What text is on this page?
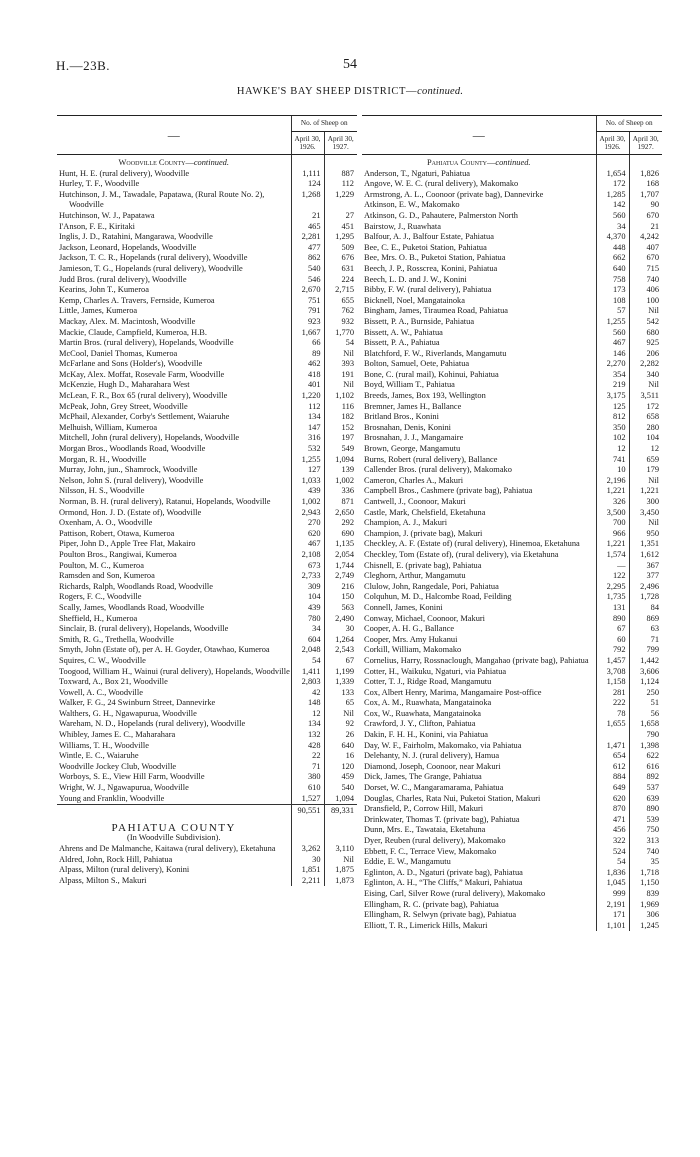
H.—23B.	54
HAWKE'S BAY SHEEP DISTRICT—continued.
—	No. of Sheep on	
	April 30, 1926.	April 30, 1927.
Woodville County—continued.		

Hunt, H. E. (rural delivery), Woodville	1,111	887

Hurley, T. F., Woodville	124	112

Hutchinson, J. M., Tawadale, Papatawa, (Rural Route No. 2), Woodville	1,268	1,229

Hutchinson, W. J., Papatawa	21	27

I'Anson, F. E., Kiritaki	465	451

Inglis, J. D., Ratahini, Mangarawa, Woodville	2,281	1,295

Jackson, Leonard, Hopelands, Woodville	477	509

Jackson, T. C. R., Hopelands (rural delivery), Woodville	862	676

Jamieson, T. G., Hopelands (rural delivery), Woodville	540	631

Judd Bros. (rural delivery), Woodville	546	224

Kearins, John T., Kumeroa	2,670	2,715

Kemp, Charles A. Travers, Fernside, Kumeroa	751	655

Little, James, Kumeroa	791	762

Mackay, Alex. M. Macintosh, Woodville	923	932

Mackie, Claude, Campfield, Kumeroa, H.B.	1,667	1,770

Martin Bros. (rural delivery), Hopelands, Woodville	66	54

McCool, Daniel Thomas, Kumeroa	89	Nil

McFarlane and Sons (Holder's), Woodville	462	393

McKay, Alex. Moffat, Rosevale Farm, Woodville	418	191

McKenzie, Hugh D., Maharahara West	401	Nil

McLean, F. R., Box 65 (rural delivery), Woodville	1,220	1,102

McPeak, John, Grey Street, Woodville	112	116

McPhail, Alexander, Corby's Settlement, Waiaruhe	134	182

Melhuish, William, Kumeroa	147	152

Mitchell, John (rural delivery), Hopelands, Woodville	316	197

Morgan Bros., Woodlands Road, Woodville	532	549

Morgan, R. H., Woodville	1,255	1,094

Murray, John, jun., Shamrock, Woodville	127	139

Nelson, John S. (rural delivery), Woodville	1,033	1,002

Nilsson, H. S., Woodville	439	336

Norman, B. H. (rural delivery), Ratanui, Hopelands, Woodville	1,002	871

Ormond, Hon. J. D. (Estate of), Woodville	2,943	2,650

Oxenham, A. O., Woodville	270	292

Pattison, Robert, Otawa, Kumeroa	620	690

Piper, John D., Apple Tree Flat, Makairo	467	1,135

Poulton Bros., Rangiwai, Kumeroa	2,108	2,054

Poulton, M. C., Kumeroa	673	1,744

Ramsden and Son, Kumeroa	2,733	2,749

Richards, Ralph, Woodlands Road, Woodville	309	216

Rogers, F. C., Woodville	104	150

Scally, James, Woodlands Road, Woodville	439	563

Sheffield, H., Kumeroa	780	2,490

Sinclair, B. (rural delivery), Hopelands, Woodville	34	30

Smith, R. G., Trethella, Woodville	604	1,264

Smyth, John (Estate of), per A. H. Goyder, Otawhao, Kumeroa	2,048	2,543

Squires, C. W., Woodville	54	67

Toogood, William H., Wainui (rural delivery), Hopelands, Woodville	1,411	1,199

Toxward, A., Box 21, Woodville	2,803	1,339

Vowell, A. C., Woodville	42	133

Walker, F. G., 24 Swinburn Street, Dannevirke	148	65

Walthers, G. H., Ngawapurua, Woodville	12	Nil

Wareham, N. D., Hopelands (rural delivery), Woodville	134	92

Whibley, James E. C., Maharahara	132	26

Williams, T. H., Woodville	428	640

Wintle, E. C., Waiaruhe	22	16

Woodville Jockey Club, Woodville	71	120

Worboys, S. E., View Hill Farm, Woodville	380	459

Wright, W. J., Ngawapurua, Woodville	610	540

Young and Franklin, Woodville	1,527	1,094
	90,551	89,331
PAHIATUA COUNTY		
(In Woodville Subdivision).		

Ahrens and De Malmanche, Kaitawa (rural delivery), Eketahuna	3,262	3,110

Aldred, John, Rock Hill, Pahiatua	30	Nil

Alpass, Milton (rural delivery), Konini	1,851	1,875

Alpass, Milton S., Makuri	2,211	1,873
—	No. of Sheep on	
	April 30, 1926.	April 30, 1927.
Pahiatua County—continued.		

Anderson, T., Ngaturi, Pahiatua	1,654	1,826

Angove, W. E. C. (rural delivery), Makomako	172	168

Armstrong, A. L., Coonoor (private bag), Dannevirke	1,285	1,707

Atkinson, E. W., Makomako	142	90

Atkinson, G. D., Pahautere, Palmerston North	560	670

Bairstow, J., Ruawhata	34	21

Balfour, A. J., Balfour Estate, Pahiatua	4,370	4,242

Bee, C. E., Puketoi Station, Pahiatua	448	407

Bee, Mrs. O. B., Puketoi Station, Pahiatua	662	670

Beech, J. P., Rosscrea, Konini, Pahiatua	640	715

Beech, L. D. and J. W., Konini	758	740

Bibby, F. W. (rural delivery), Pahiatua	173	406

Bicknell, Noel, Mangatainoka	108	100

Bingham, James, Tiraumea Road, Pahiatua	57	Nil

Bissett, P. A., Burnside, Pahiatua	1,255	542

Bissett, A. W., Pahiatua	560	680

Bissett, P. A., Pahiatua	467	925

Blatchford, F. W., Riverlands, Mangamutu	146	206

Bolton, Samuel, Oete, Pahiatua	2,270	2,282

Bone, C. (rural mail), Kohinui, Pahiatua	354	340

Boyd, William T., Pahiatua	219	Nil

Breeds, James, Box 193, Wellington	3,175	3,511

Bremner, James H., Ballance	125	172

Britland Bros., Konini	812	658

Brosnahan, Denis, Konini	350	280

Brosnahan, J. J., Mangamaire	102	104

Brown, George, Mangamutu	12	12

Burns, Robert (rural delivery), Ballance	741	659

Callender Bros. (rural delivery), Makomako	10	179

Cameron, Charles A., Makuri	2,196	Nil

Campbell Bros., Cashmere (private bag), Pahiatua	1,221	1,221

Cantwell, J., Coonoor, Makuri	326	300

Castle, Mark, Chelsfield, Eketahuna	3,500	3,450

Champion, A. J., Makuri	700	Nil

Champion, J. (private bag), Makuri	966	950

Checkley, A. F. (Estate of) (rural delivery), Hinemoa, Eketahuna	1,221	1,351

Checkley, Tom (Estate of), (rural delivery), via Eketahuna	1,574	1,612

Chisnell, E. (private bag), Pahiatua	—	367

Cleghorn, Arthur, Mangamutu	122	377

Clulow, John, Rangedale, Pori, Pahiatua	2,295	2,496

Colquhun, M. D., Halcombe Road, Feilding	1,735	1,728

Connell, James, Konini	131	84

Conway, Michael, Coonoor, Makuri	890	869

Cooper, A. H. G., Ballance	67	63

Cooper, Mrs. Amy Hukanui	60	71

Corkill, William, Makomako	792	799

Cornelius, Harry, Rossnaclough, Mangahao (private bag), Pahiatua	1,457	1,442

Cotter, H., Waikuku, Ngaturi, via Pahiatua	3,708	3,606

Cotter, T. J., Ridge Road, Mangamutu	1,158	1,124

Cox, Albert Henry, Marima, Mangamaire Post-office	281	250

Cox, A. M., Ruawhata, Mangatainoka	222	51

Cox, W., Ruawhata, Mangatainoka	78	56

Crawford, J. Y., Clifton, Pahiatua	1,655	1,658

Dakin, F. H. H., Konini, via Pahiatua		790

Day, W. F., Fairholm, Makomako, via Pahiatua	1,471	1,398

Delehanty, N. J. (rural delivery), Hamua	654	622

Diamond, Joseph, Coonoor, near Makuri	612	616

Dick, James, The Grange, Pahiatua	884	892

Dorset, W. C., Mangaramarama, Pahiatua	649	537

Douglas, Charles, Rata Nui, Puketoi Station, Makuri	620	639

Dransfield, P., Corrow Hill, Makuri	870	890

Drinkwater, Thomas T. (private bag), Pahiatua	471	539

Dunn, Mrs. E., Tawataia, Eketahuna	456	750

Dyer, Reuben (rural delivery), Makomako	322	313

Ebbett, F. C., Terrace View, Makomako	524	740

Eddie, E. W., Mangamutu	54	35

Eglinton, A. D., Ngaturi (private bag), Pahiatua	1,836	1,718

Eglinton, A. H., “The Cliffs,” Makuri, Pahiatua	1,045	1,150

Eising, Carl, Silver Rowe (rural delivery), Makomako	999	839

Ellingham, R. C. (private bag), Pahiatua	2,191	1,969

Ellingham, R. Selwyn (private bag), Pahiatua	171	306

Elliott, T. R., Limerick Hills, Makuri	1,101	1,245
